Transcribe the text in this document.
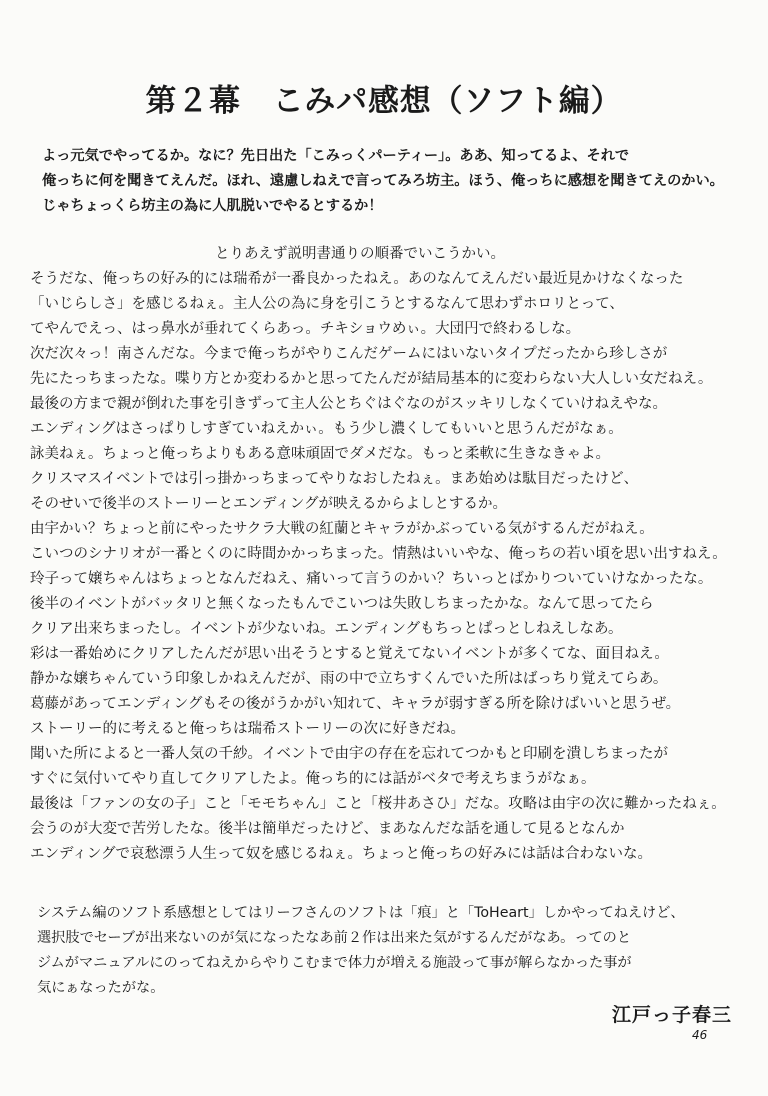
第２幕　こみパ感想（ソフト編）
よっ元気でやってるか。なに？先日出た「こみっくパーティー」。ああ、知ってるよ、それで
俺っちに何を聞きてえんだ。ほれ、遠慮しねえで言ってみろ坊主。ほう、俺っちに感想を聞きてえのかい。
じゃちょっくら坊主の為に人肌脱いでやるとするか！
とりあえず説明書通りの順番でいこうかい。
そうだな、俺っちの好み的には瑞希が一番良かったねえ。あのなんてえんだい最近見かけなくなった
「いじらしさ」を感じるねぇ。主人公の為に身を引こうとするなんて思わずホロリとって、
てやんでえっ、はっ鼻水が垂れてくらあっ。チキショウめぃ。大団円で終わるしな。
次だ次々っ！南さんだな。今まで俺っちがやりこんだゲームにはいないタイプだったから珍しさが
先にたっちまったな。喋り方とか変わるかと思ってたんだが結局基本的に変わらない大人しい女だねえ。
最後の方まで親が倒れた事を引きずって主人公とちぐはぐなのがスッキリしなくていけねえやな。
エンディングはさっぱりしすぎていねえかぃ。もう少し濃くしてもいいと思うんだがなぁ。
詠美ねぇ。ちょっと俺っちよりもある意味頑固でダメだな。もっと柔軟に生きなきゃよ。
クリスマスイベントでは引っ掛かっちまってやりなおしたねぇ。まあ始めは駄目だったけど、
そのせいで後半のストーリーとエンディングが映えるからよしとするか。
由宇かい？ちょっと前にやったサクラ大戦の紅蘭とキャラがかぶっている気がするんだがねえ。
こいつのシナリオが一番とくのに時間かかっちまった。情熱はいいやな、俺っちの若い頃を思い出すねえ。
玲子って嬢ちゃんはちょっとなんだねえ、痛いって言うのかい？ちいっとばかりついていけなかったな。
後半のイベントがバッタリと無くなったもんでこいつは失敗しちまったかな。なんて思ってたら
クリア出来ちまったし。イベントが少ないね。エンディングもちっとぱっとしねえしなあ。
彩は一番始めにクリアしたんだが思い出そうとすると覚えてないイベントが多くてな、面目ねえ。
静かな嬢ちゃんていう印象しかねえんだが、雨の中で立ちすくんでいた所はばっちり覚えてらあ。
葛藤があってエンディングもその後がうかがい知れて、キャラが弱すぎる所を除けばいいと思うぜ。
ストーリー的に考えると俺っちは瑞希ストーリーの次に好きだね。
聞いた所によると一番人気の千紗。イベントで由宇の存在を忘れてつかもと印刷を潰しちまったが
すぐに気付いてやり直してクリアしたよ。俺っち的には話がベタで考えちまうがなぁ。
最後は「ファンの女の子」こと「モモちゃん」こと「桜井あさひ」だな。攻略は由宇の次に難かったねぇ。
会うのが大変で苦労したな。後半は簡単だったけど、まあなんだな話を通して見るとなんか
エンディングで哀愁漂う人生って奴を感じるねぇ。ちょっと俺っちの好みには話は合わないな。
システム編のソフト系感想としてはリーフさんのソフトは「痕」と「ToHeart」しかやってねえけど、
選択肢でセーブが出来ないのが気になったなあ前２作は出来た気がするんだがなあ。ってのと
ジムがマニュアルにのってねえからやりこむまで体力が増える施設って事が解らなかった事が
気にぁなったがな。
江戸っ子春三
46
